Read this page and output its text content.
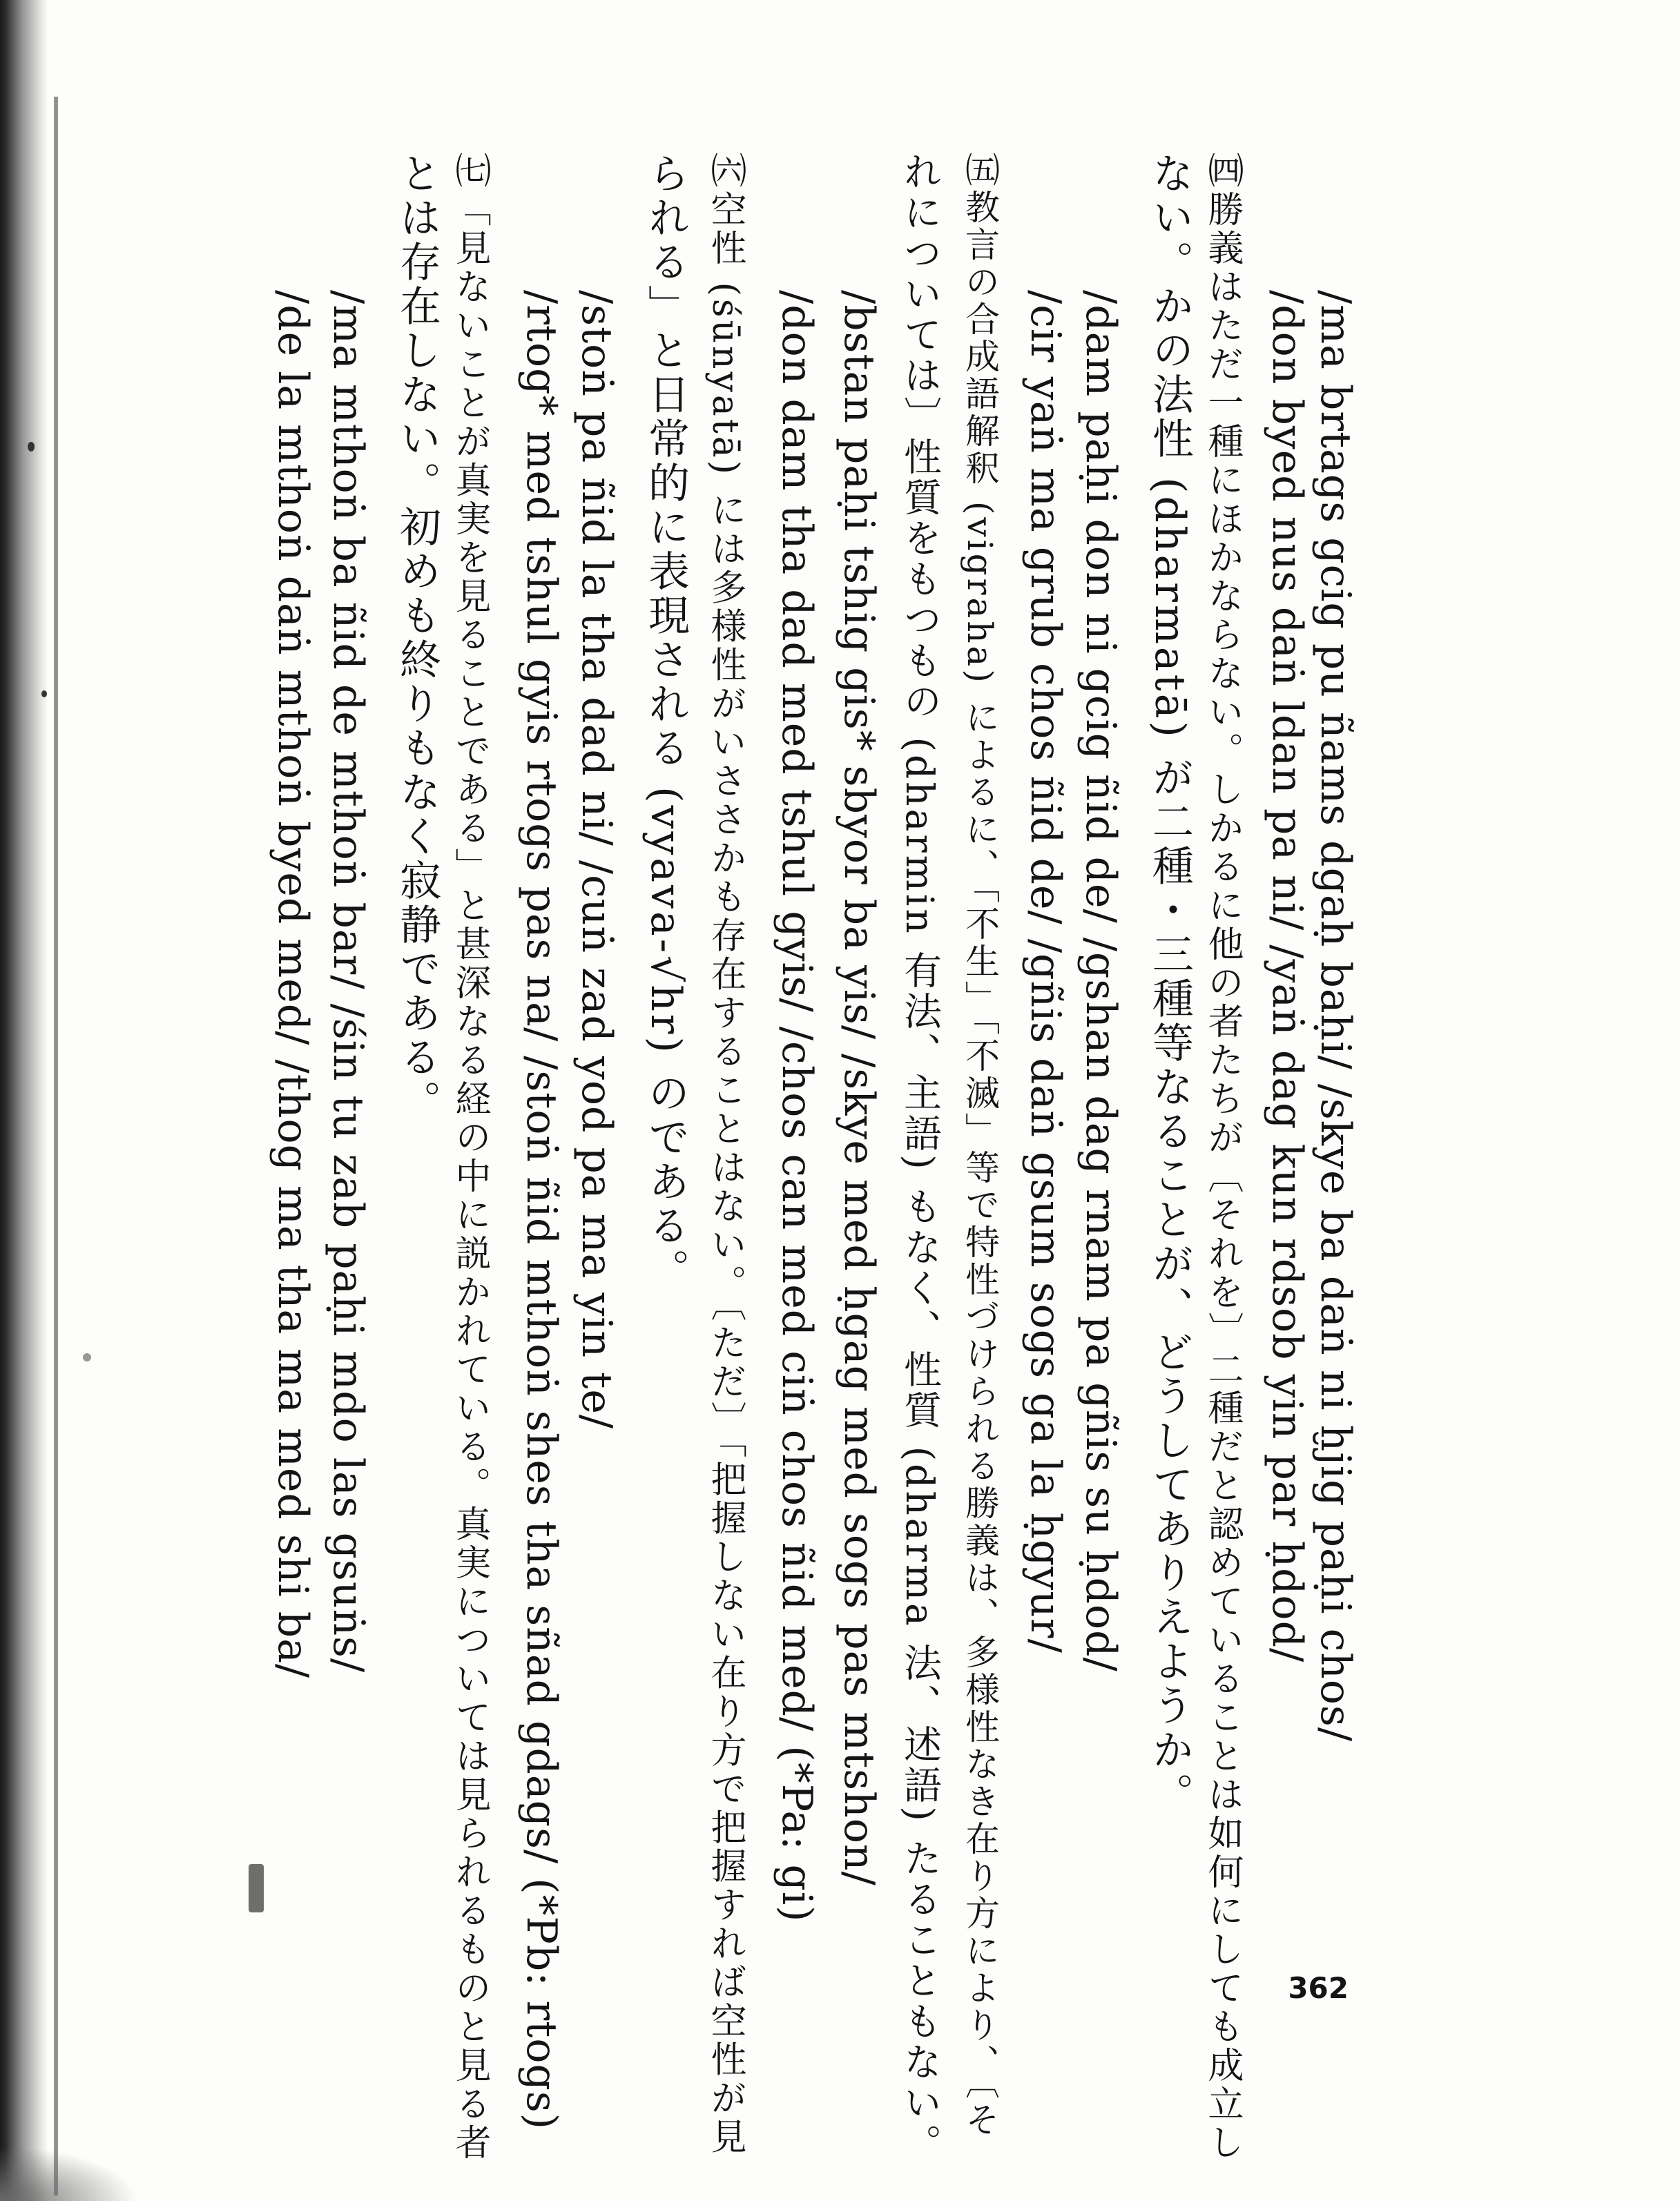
/ma brtags gcig pu ñams dgaḥ baḥi/ /skye ba daṅ ni ḫjig paḥi chos/
/don byed nus daṅ ldan pa ni/ /yaṅ dag kun rdsob yin par ḥdod/
㈣勝義はただ一種にほかならない。しかるに他の者たちが〔それを〕二種だと認めていることは如何にしても成立し
ない。かの法性 (dharmatā) が二種・三種等なることが、どうしてありえようか。
/dam paḥi don ni gcig ñid de/ /gshan dag rnam pa gñis su ḥdod/
/cir yaṅ ma grub chos ñid de/ /gñis daṅ gsum sogs ga la ḥgyur/
㈤教言の合成語解釈 (vigraha) によるに、「不生」「不滅」等で特性づけられる勝義は、多様性なき在り方により、〔そ
れについては〕性質をもつもの (dharmin 有法、主語) もなく、性質 (dharma 法、述語) たることもない。
/bstan paḥi tshig gis* sbyor ba yis/ /skye med ḥgag med sogs pas mtshon/
/don dam tha dad med tshul gyis/ /chos can med ciṅ chos ñid med/ (*Pa: gi)
㈥空性 (śūnyatā) には多様性がいささかも存在することはない。〔ただ〕「把握しない在り方で把握すれば空性が見
られる」と日常的に表現される (vyava-√hr) のである。
/stoṅ pa ñid la tha dad ni/ /cuṅ zad yod pa ma yin te/
/rtog* med tshul gyis rtogs pas na/ /stoṅ ñid mthoṅ shes tha sñad gdags/ (*Pb: rtogs)
㈦「見ないことが真実を見ることである」と甚深なる経の中に説かれている。真実については見られるものと見る者
とは存在しない。初めも終りもなく寂静である。
/ma mthoṅ ba ñid de mthoṅ bar/ /śin tu zab paḥi mdo las gsuṅs/
/de la mthoṅ daṅ mthoṅ byed med/ /thog ma tha ma med shi ba/
362
